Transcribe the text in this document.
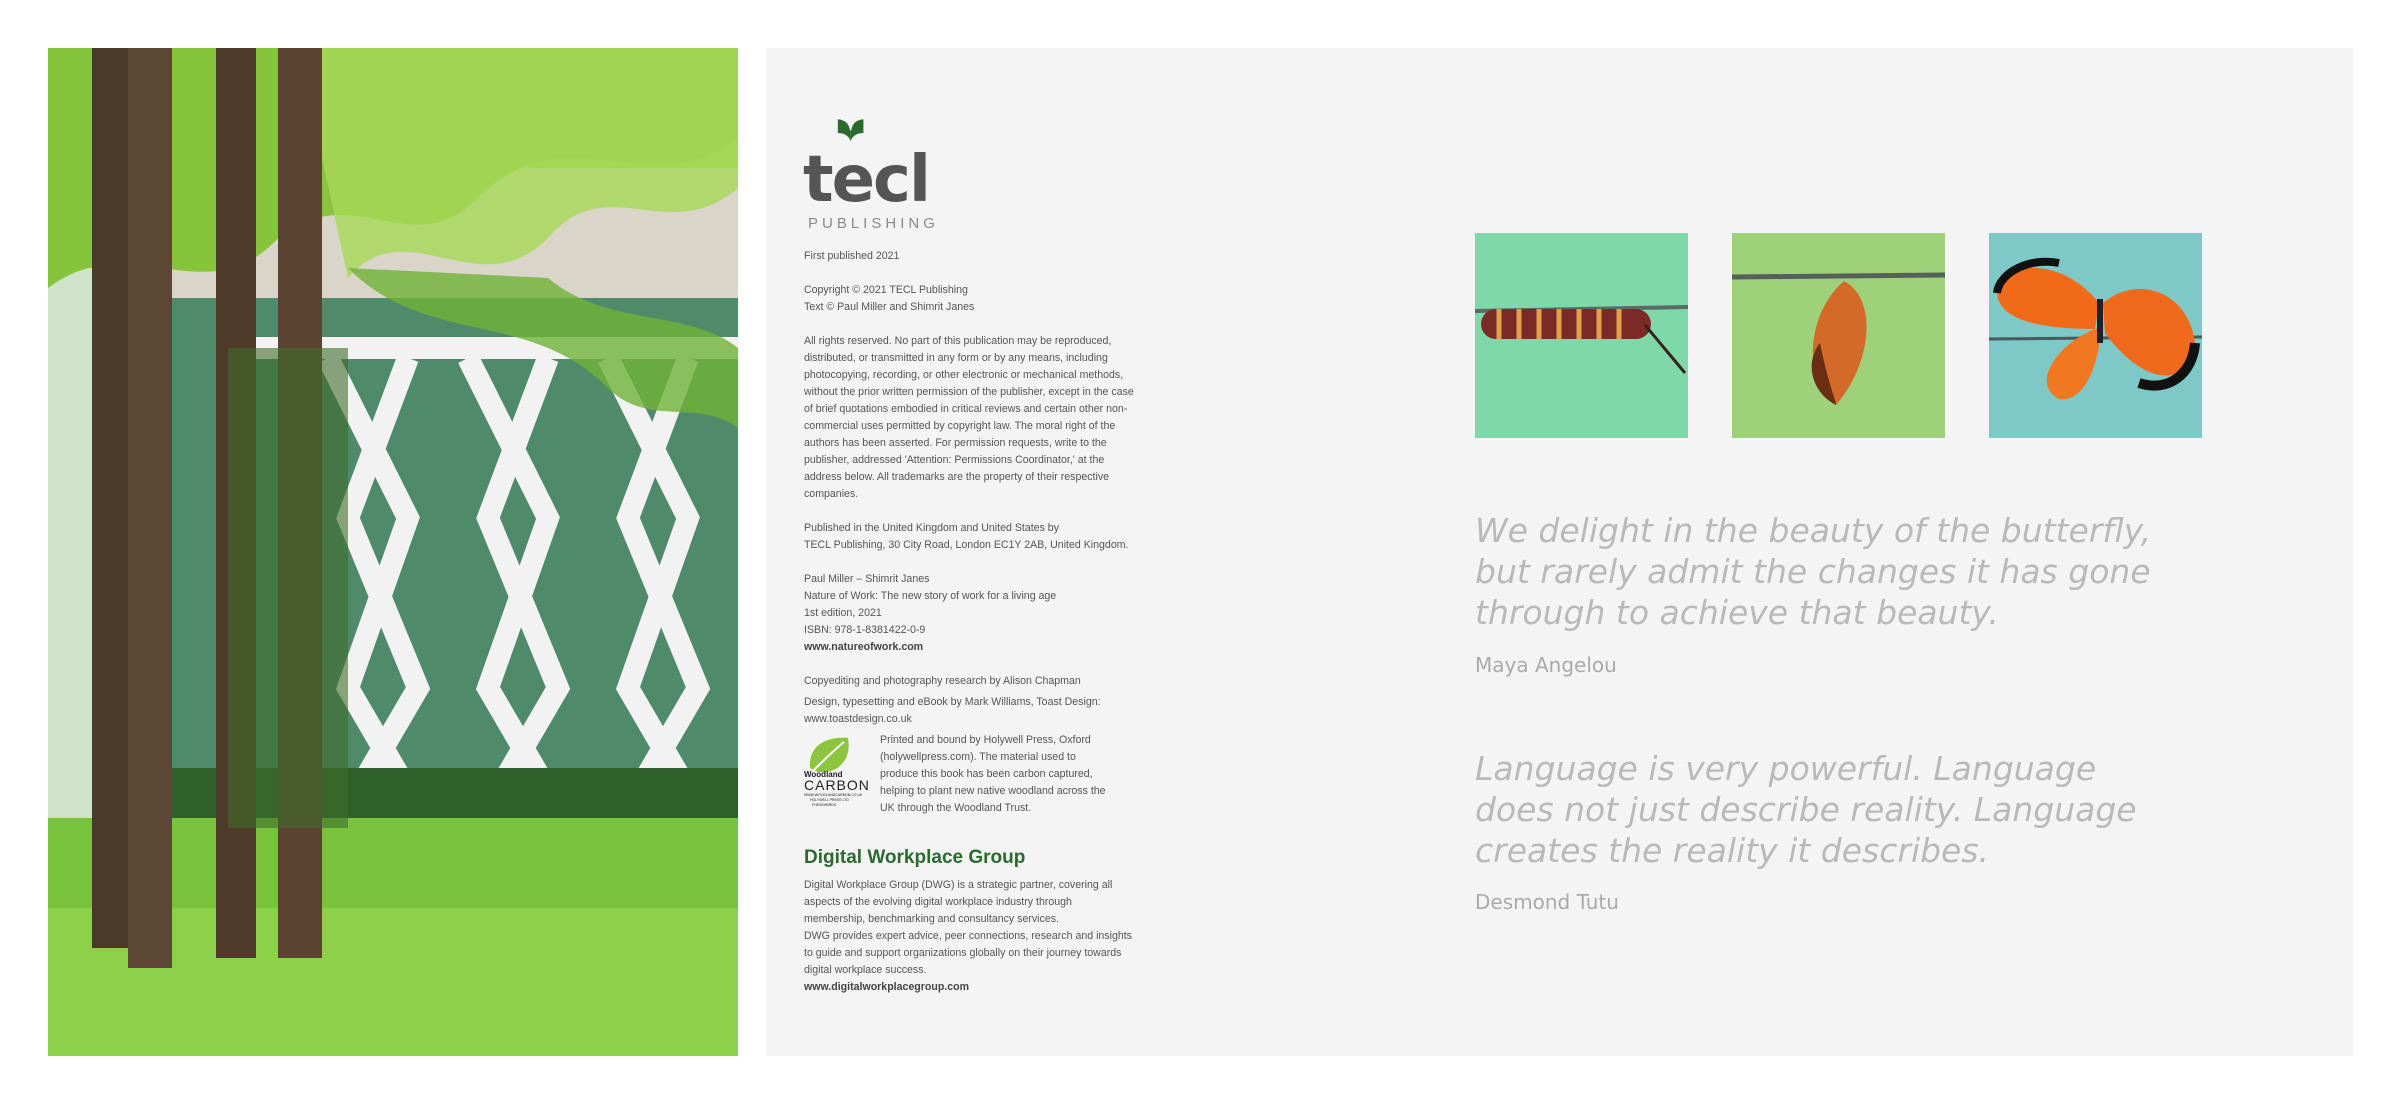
tecl
PUBLISHING

First published 2021

Copyright © 2021 TECL Publishing
Text © Paul Miller and Shimrit Janes

All rights reserved. No part of this publication may be reproduced, distributed, or transmitted in any form or by any means, including photocopying, recording, or other electronic or mechanical methods, without the prior written permission of the publisher, except in the case of brief quotations embodied in critical reviews and certain other non-commercial uses permitted by copyright law. The moral right of the authors has been asserted. For permission requests, write to the publisher, addressed 'Attention: Permissions Coordinator,' at the address below. All trademarks are the property of their respective companies.

Published in the United Kingdom and United States by
TECL Publishing, 30 City Road, London EC1Y 2AB, United Kingdom.

Paul Miller – Shimrit Janes
Nature of Work: The new story of work for a living age
1st edition, 2021
ISBN: 978-1-8381422-0-9
www.natureofwork.com

Copyediting and photography research by Alison Chapman

Design, typesetting and eBook by Mark Williams, Toast Design:
www.toastdesign.co.uk

Woodland
CARBON
WWW.WOODLANDCARBON.CO.UK
HOLYWELL PRESS LTD
FHENSHBRDG
Printed and bound by Holywell Press, Oxford (holywellpress.com). The material used to produce this book has been carbon captured, helping to plant new native woodland across the UK through the Woodland Trust.
Digital Workplace Group
Digital Workplace Group (DWG) is a strategic partner, covering all aspects of the evolving digital workplace industry through membership, benchmarking and consultancy services.
DWG provides expert advice, peer connections, research and insights to guide and support organizations globally on their journey towards digital workplace success.
www.digitalworkplacegroup.com
We delight in the beauty of the butterfly, but rarely admit the changes it has gone through to achieve that beauty.
Maya Angelou
Language is very powerful. Language does not just describe reality. Language creates the reality it describes.
Desmond Tutu
